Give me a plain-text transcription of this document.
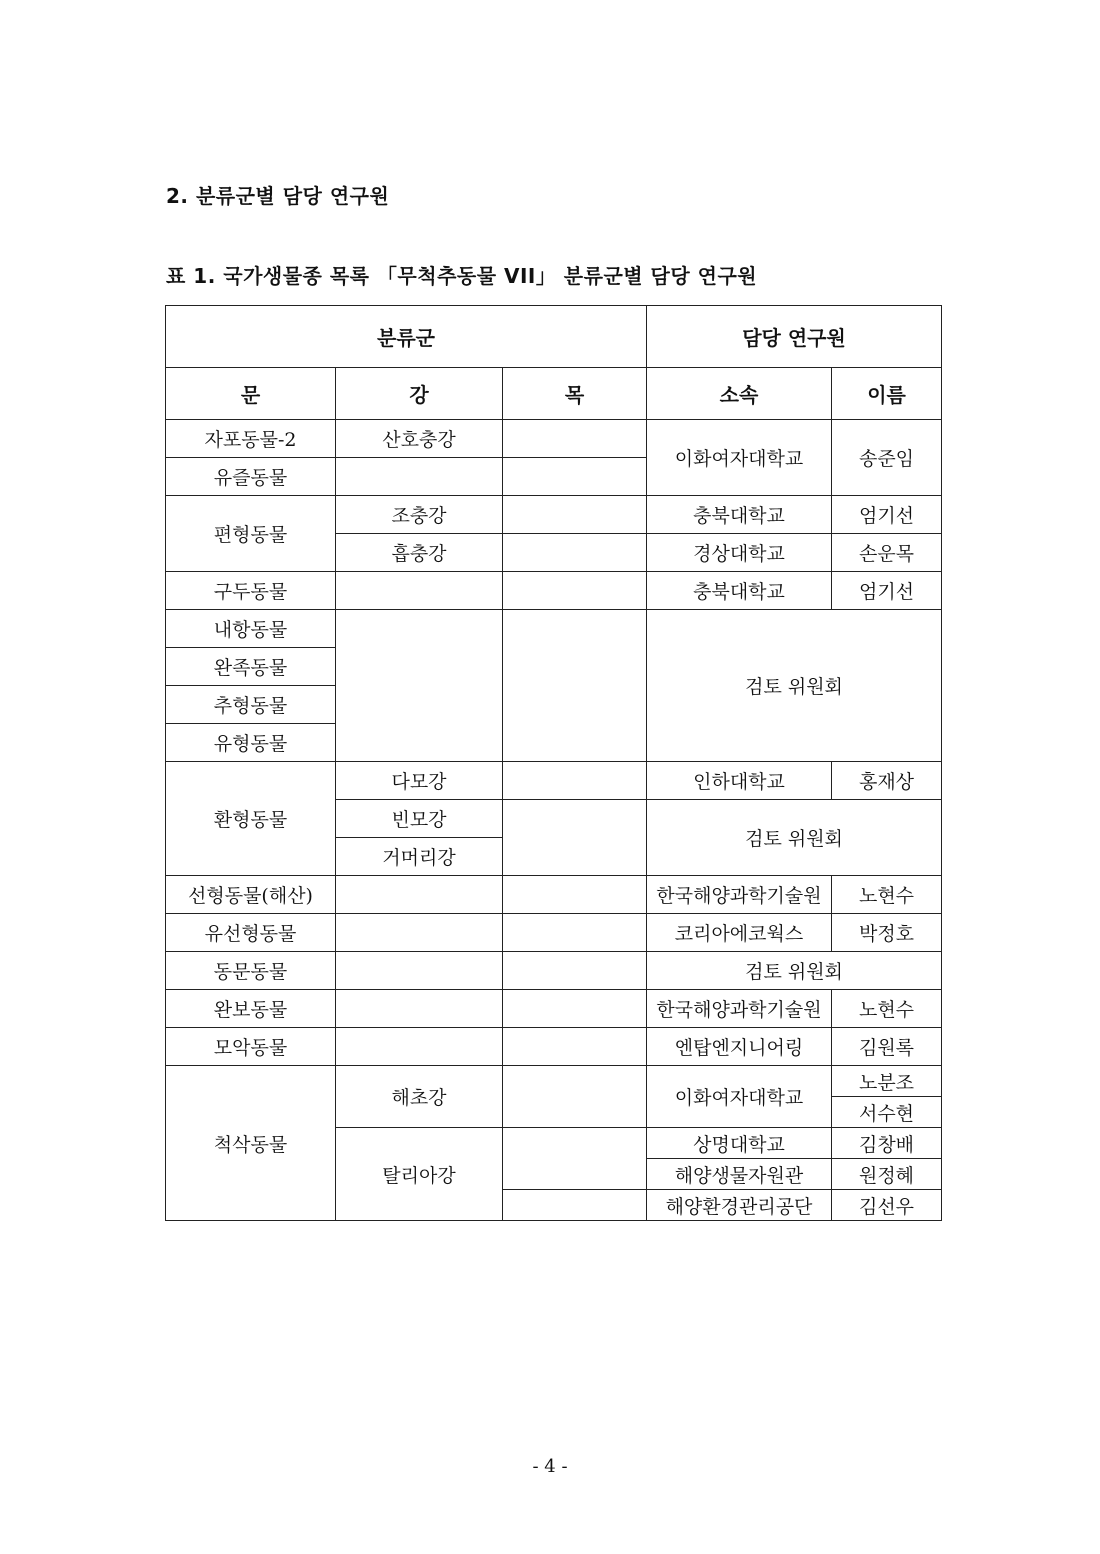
2. 분류군별 담당 연구원
표 1. 국가생물종 목록 「무척추동물 VII」 분류군별 담당 연구원
분류군			담당 연구원	
문	강	목	소속	이름
자포동물-2	산호충강		이화여자대학교	송준임
유즐동물				
편형동물	조충강		충북대학교	엄기선
	흡충강		경상대학교	손운목
구두동물			충북대학교	엄기선
내항동물			검토 위원회	
완족동물				
추형동물				
유형동물				
환형동물	다모강		인하대학교	홍재상
	빈모강		검토 위원회	
	거머리강			
선형동물(해산)			한국해양과학기술원	노현수
유선형동물			코리아에코웍스	박정호
동문동물			검토 위원회	
완보동물			한국해양과학기술원	노현수
모악동물			엔탑엔지니어링	김원록
척삭동물	해초강		이화여자대학교	노분조
				서수현
	탈리아강		상명대학교	김창배
			해양생물자원관	원정혜
			해양환경관리공단	김선우
- 4 -
